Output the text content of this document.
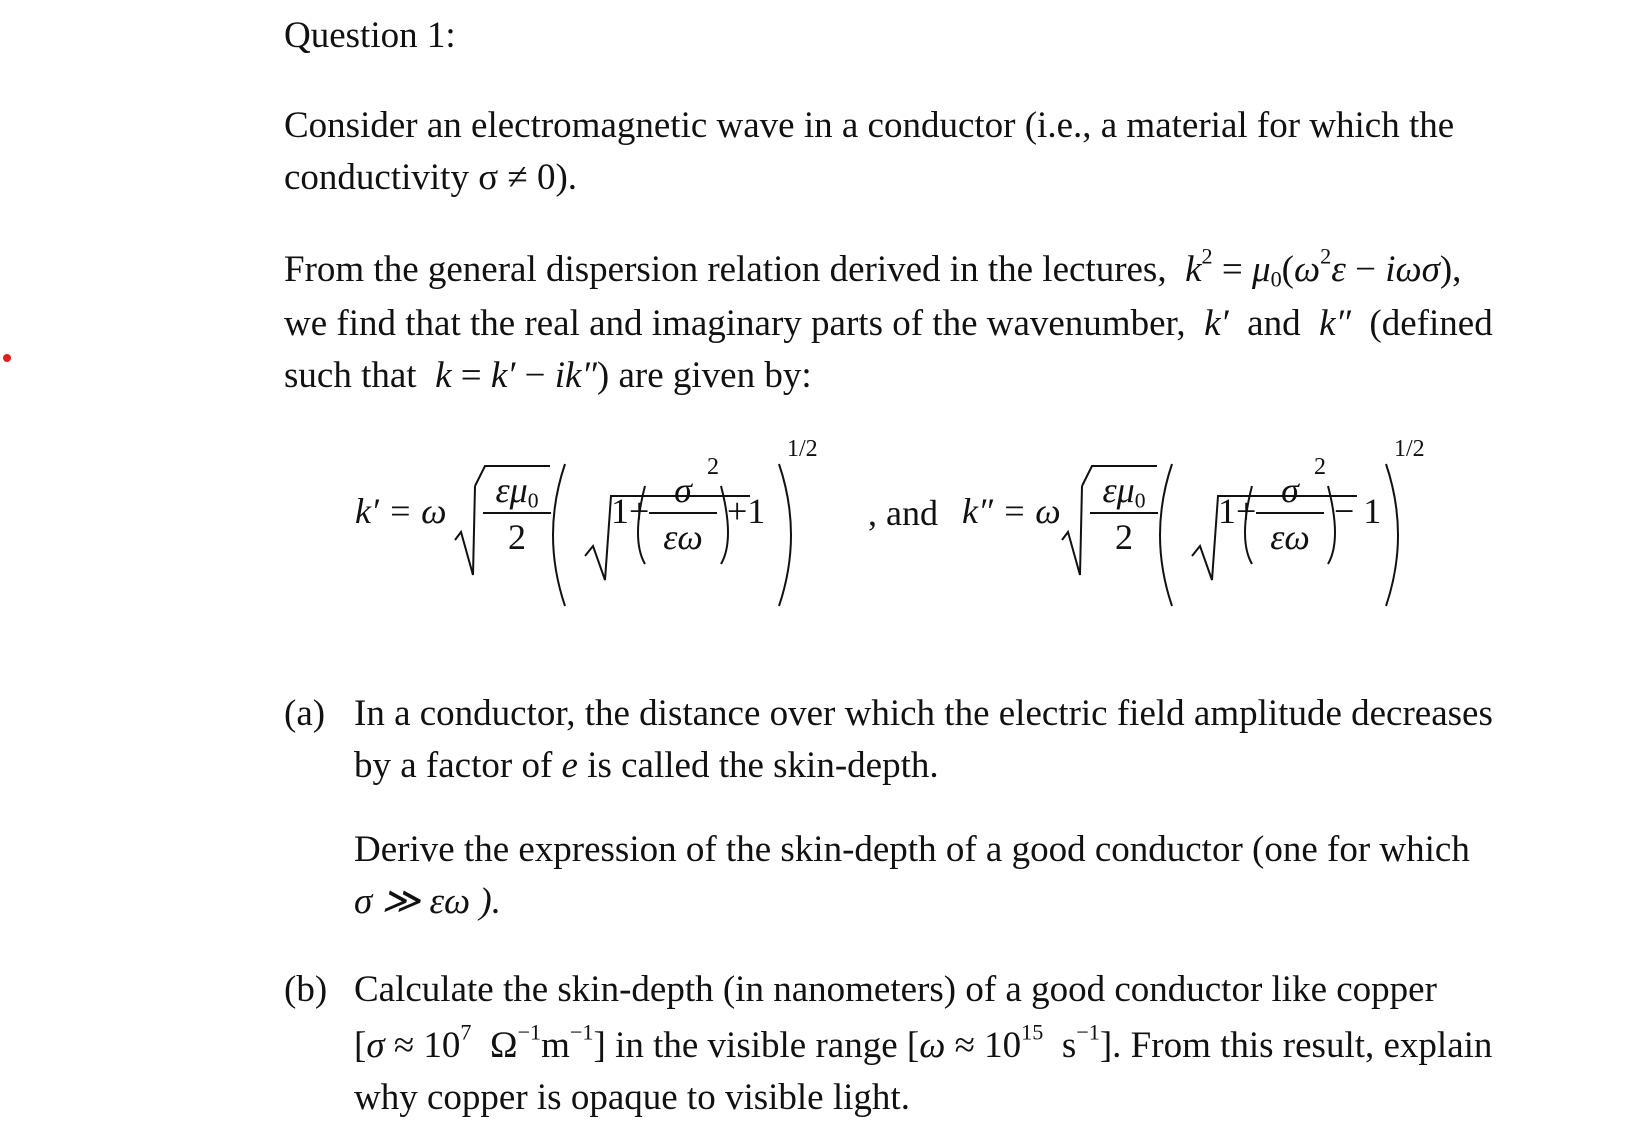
Question 1:
Consider an electromagnetic wave in a conductor (i.e., a material for which the
conductivity σ ≠ 0).
From the general dispersion relation derived in the lectures,  $k^2 = \mu_0(\omega^2\varepsilon - i\omega\sigma)$,
we find that the real and imaginary parts of the wavenumber,  k′  and  k″  (defined
such that  k = k′ − ik″) are given by:
k′ = ω $\frac{\varepsilon\mu_0}{2} 1+ \frac{\sigma}{\varepsilon\omega}$
2
+1
1/2
, and k″ = ω $\frac{\varepsilon\mu_0}{2} 1+ \frac{\sigma}{\varepsilon\omega}$
2
− 1
1/2
(a) In a conductor, the distance over which the electric field amplitude decreases
by a factor of e is called the skin-depth.
Derive the expression of the skin-depth of a good conductor (one for which
σ ≫ εω ).
(b) Calculate the skin-depth (in nanometers) of a good conductor like copper
[$\sigma \approx 10^7$  $\Omega^{-1}m^{-1}$] in the visible range [$\omega \approx 10^{15}$  $s^{-1}$]. From this result, explain
why copper is opaque to visible light.
